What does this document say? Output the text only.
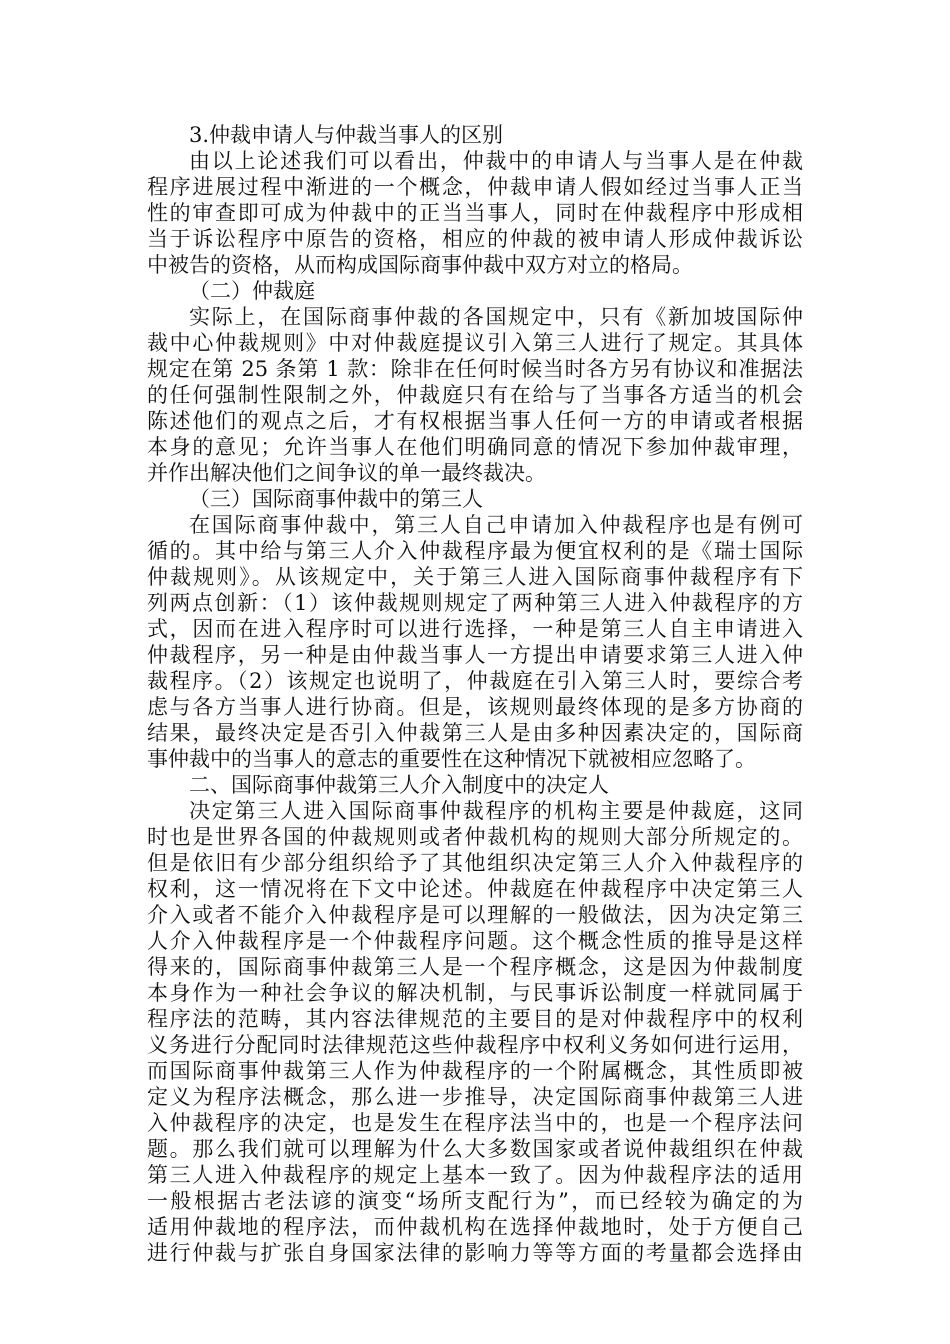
3.仲裁申请人与仲裁当事人的区别
由以上论述我们可以看出，仲裁中的申请人与当事人是在仲裁
程序进展过程中渐进的一个概念，仲裁申请人假如经过当事人正当
性的审查即可成为仲裁中的正当当事人，同时在仲裁程序中形成相
当于诉讼程序中原告的资格，相应的仲裁的被申请人形成仲裁诉讼
中被告的资格，从而构成国际商事仲裁中双方对立的格局。
（二）仲裁庭
实际上，在国际商事仲裁的各国规定中，只有《新加坡国际仲
裁中心仲裁规则》中对仲裁庭提议引入第三人进行了规定。其具体
规定在第 25 条第 1 款：除非在任何时候当时各方另有协议和准据法
的任何强制性限制之外，仲裁庭只有在给与了当事各方适当的机会
陈述他们的观点之后，才有权根据当事人任何一方的申请或者根据
本身的意见；允许当事人在他们明确同意的情况下参加仲裁审理，
并作出解决他们之间争议的单一最终裁决。
（三）国际商事仲裁中的第三人
在国际商事仲裁中，第三人自己申请加入仲裁程序也是有例可
循的。其中给与第三人介入仲裁程序最为便宜权利的是《瑞士国际
仲裁规则》。从该规定中，关于第三人进入国际商事仲裁程序有下
列两点创新：（1）该仲裁规则规定了两种第三人进入仲裁程序的方
式，因而在进入程序时可以进行选择，一种是第三人自主申请进入
仲裁程序，另一种是由仲裁当事人一方提出申请要求第三人进入仲
裁程序。（2）该规定也说明了，仲裁庭在引入第三人时，要综合考
虑与各方当事人进行协商。但是，该规则最终体现的是多方协商的
结果，最终决定是否引入仲裁第三人是由多种因素决定的，国际商
事仲裁中的当事人的意志的重要性在这种情况下就被相应忽略了。
二、国际商事仲裁第三人介入制度中的决定人
决定第三人进入国际商事仲裁程序的机构主要是仲裁庭，这同
时也是世界各国的仲裁规则或者仲裁机构的规则大部分所规定的。
但是依旧有少部分组织给予了其他组织决定第三人介入仲裁程序的
权利，这一情况将在下文中论述。仲裁庭在仲裁程序中决定第三人
介入或者不能介入仲裁程序是可以理解的一般做法，因为决定第三
人介入仲裁程序是一个仲裁程序问题。这个概念性质的推导是这样
得来的，国际商事仲裁第三人是一个程序概念，这是因为仲裁制度
本身作为一种社会争议的解决机制，与民事诉讼制度一样就同属于
程序法的范畴，其内容法律规范的主要目的是对仲裁程序中的权利
义务进行分配同时法律规范这些仲裁程序中权利义务如何进行运用，
而国际商事仲裁第三人作为仲裁程序的一个附属概念，其性质即被
定义为程序法概念，那么进一步推导，决定国际商事仲裁第三人进
入仲裁程序的决定，也是发生在程序法当中的，也是一个程序法问
题。那么我们就可以理解为什么大多数国家或者说仲裁组织在仲裁
第三人进入仲裁程序的规定上基本一致了。因为仲裁程序法的适用
一般根据古老法谚的演变“场所支配行为”，而已经较为确定的为
适用仲裁地的程序法，而仲裁机构在选择仲裁地时，处于方便自己
进行仲裁与扩张自身国家法律的影响力等等方面的考量都会选择由
